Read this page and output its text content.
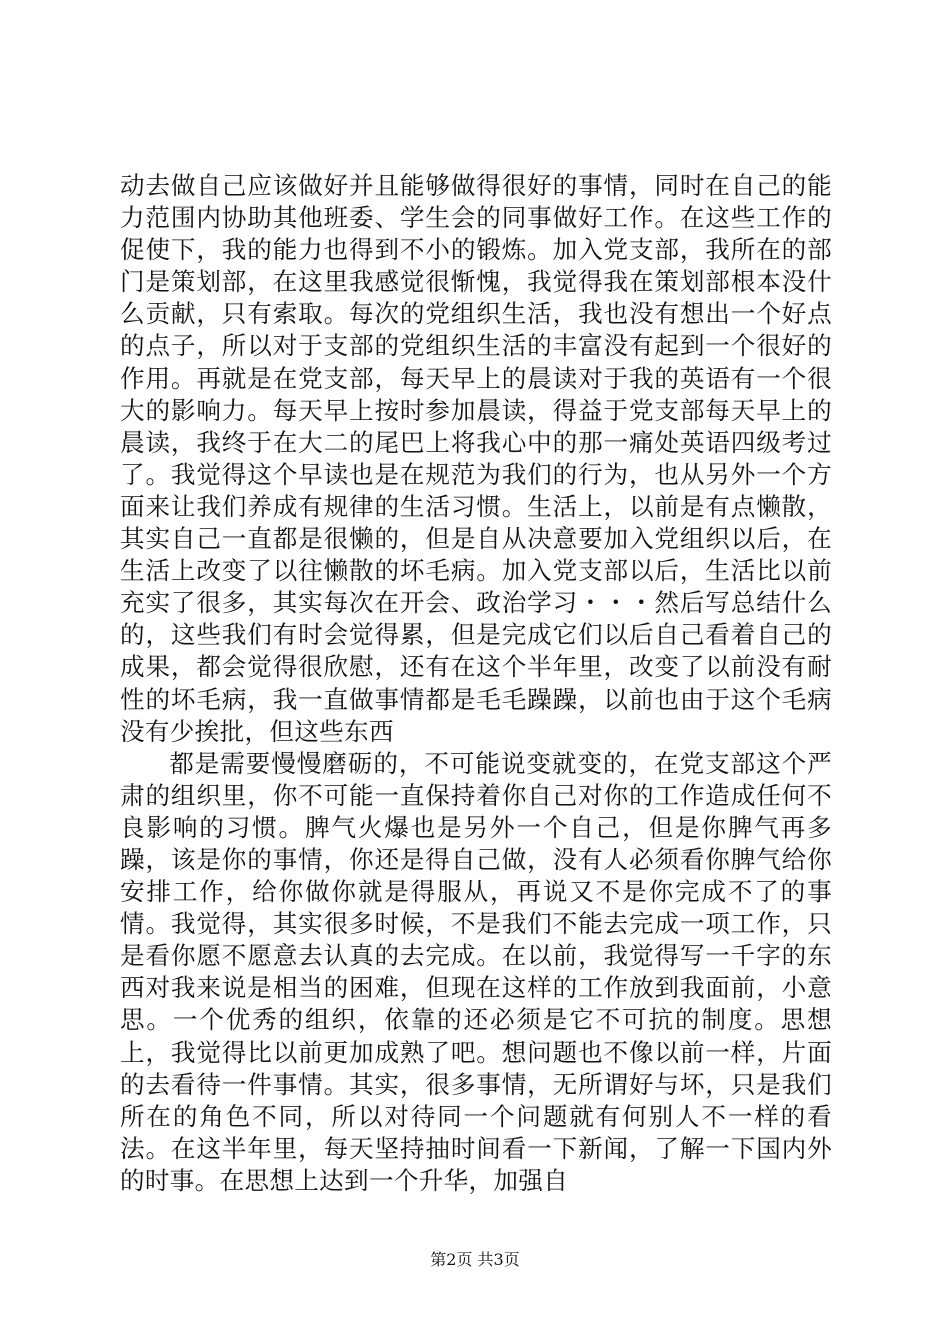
动去做自己应该做好并且能够做得很好的事情，同时在自己的能力范围内协助其他班委、学生会的同事做好工作。在这些工作的促使下，我的能力也得到不小的锻炼。加入党支部，我所在的部门是策划部，在这里我感觉很惭愧，我觉得我在策划部根本没什么贡献，只有索取。每次的党组织生活，我也没有想出一个好点的点子，所以对于支部的党组织生活的丰富没有起到一个很好的作用。再就是在党支部，每天早上的晨读对于我的英语有一个很大的影响力。每天早上按时参加晨读，得益于党支部每天早上的晨读，我终于在大二的尾巴上将我心中的那一痛处英语四级考过了。我觉得这个早读也是在规范为我们的行为，也从另外一个方面来让我们养成有规律的生活习惯。生活上，以前是有点懒散，其实自己一直都是很懒的，但是自从决意要加入党组织以后，在生活上改变了以往懒散的坏毛病。加入党支部以后，生活比以前充实了很多，其实每次在开会、政治学习・・・然后写总结什么的，这些我们有时会觉得累，但是完成它们以后自己看着自己的成果，都会觉得很欣慰，还有在这个半年里，改变了以前没有耐性的坏毛病，我一直做事情都是毛毛躁躁，以前也由于这个毛病没有少挨批，但这些东西

都是需要慢慢磨砺的，不可能说变就变的，在党支部这个严肃的组织里，你不可能一直保持着你自己对你的工作造成任何不良影响的习惯。脾气火爆也是另外一个自己，但是你脾气再多躁，该是你的事情，你还是得自己做，没有人必须看你脾气给你安排工作，给你做你就是得服从，再说又不是你完成不了的事情。我觉得，其实很多时候，不是我们不能去完成一项工作，只是看你愿不愿意去认真的去完成。在以前，我觉得写一千字的东西对我来说是相当的困难，但现在这样的工作放到我面前，小意思。一个优秀的组织，依靠的还必须是它不可抗的制度。思想上，我觉得比以前更加成熟了吧。想问题也不像以前一样，片面的去看待一件事情。其实，很多事情，无所谓好与坏，只是我们所在的角色不同，所以对待同一个问题就有何别人不一样的看法。在这半年里，每天坚持抽时间看一下新闻，了解一下国内外的时事。在思想上达到一个升华，加强自

第2页 共3页
